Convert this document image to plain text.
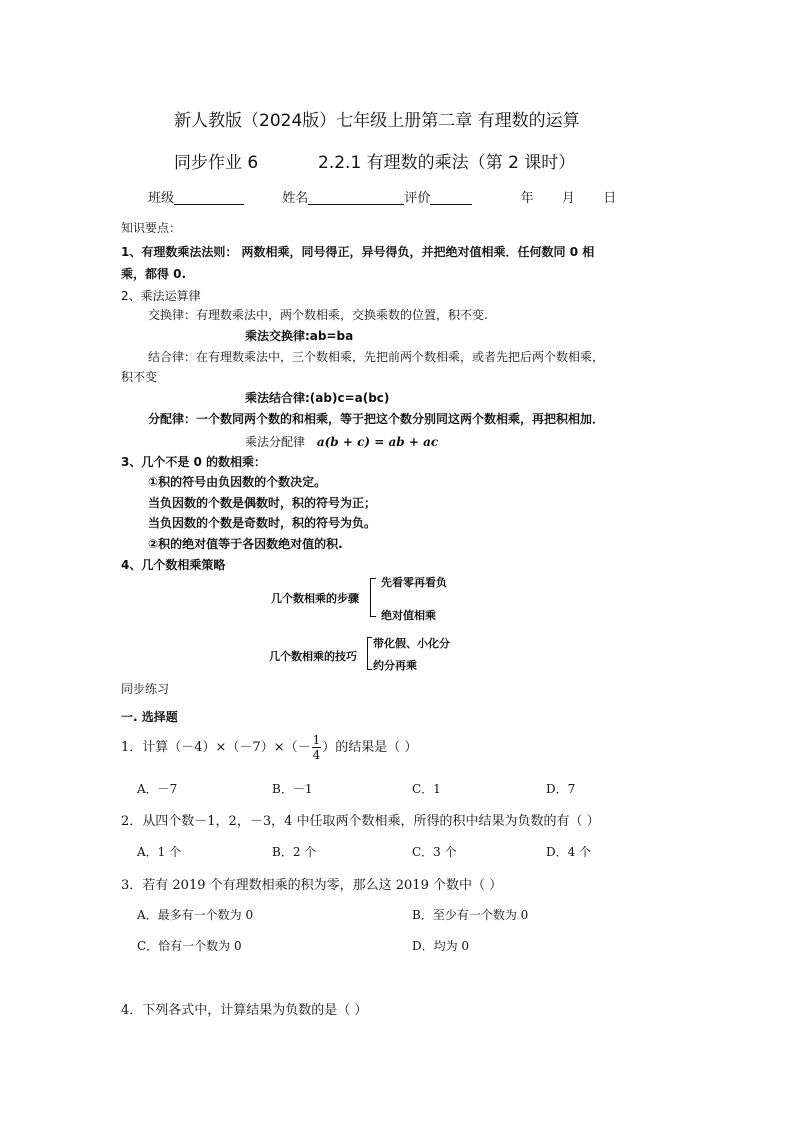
新人教版（2024版）七年级上册第二章 有理数的运算
同步作业 6	2.2.1 有理数的乘法（第 2 课时）
班级	姓名	评价	年 月 日
知识要点：
1、有理数乘法法则： 两数相乘，同号得正，异号得负，并把绝对值相乘．任何数同 0 相
乘，都得 0.
2、乘法运算律
交换律：有理数乘法中，两个数相乘，交换乘数的位置，积不变.
乘法交换律:ab=ba
结合律：在有理数乘法中，三个数相乘，先把前两个数相乘，或者先把后两个数相乘，
积不变
乘法结合律:(ab)c=a(bc)
分配律：一个数同两个数的和相乘，等于把这个数分别同这两个数相乘，再把积相加．
乘法分配律 a(b + c) = ab + ac
3、几个不是 0 的数相乘：
①积的符号由负因数的个数决定。
当负因数的个数是偶数时，积的符号为正；
当负因数的个数是奇数时，积的符号为负。
②积的绝对值等于各因数绝对值的积.
4、几个数相乘策略
几个数相乘的步骤
先看零再看负
绝对值相乘
几个数相乘的技巧
带化假、小化分
约分再乘
同步练习
一. 选择题
1．计算$(-4)\times(-7)\times(- \frac{1}{4}$ ）的结果是（ ）
A．－7	B．－1	C．1	D．7
2．从四个数－1，2，－3，4 中任取两个数相乘，所得的积中结果为负数的有（ ）
A．1 个	B．2 个	C．3 个	D．4 个
3．若有 2019 个有理数相乘的积为零，那么这 2019 个数中（ ）
A．最多有一个数为 0	B．至少有一个数为 0
C．恰有一个数为 0	D．均为 0
4．下列各式中，计算结果为负数的是（ ）
